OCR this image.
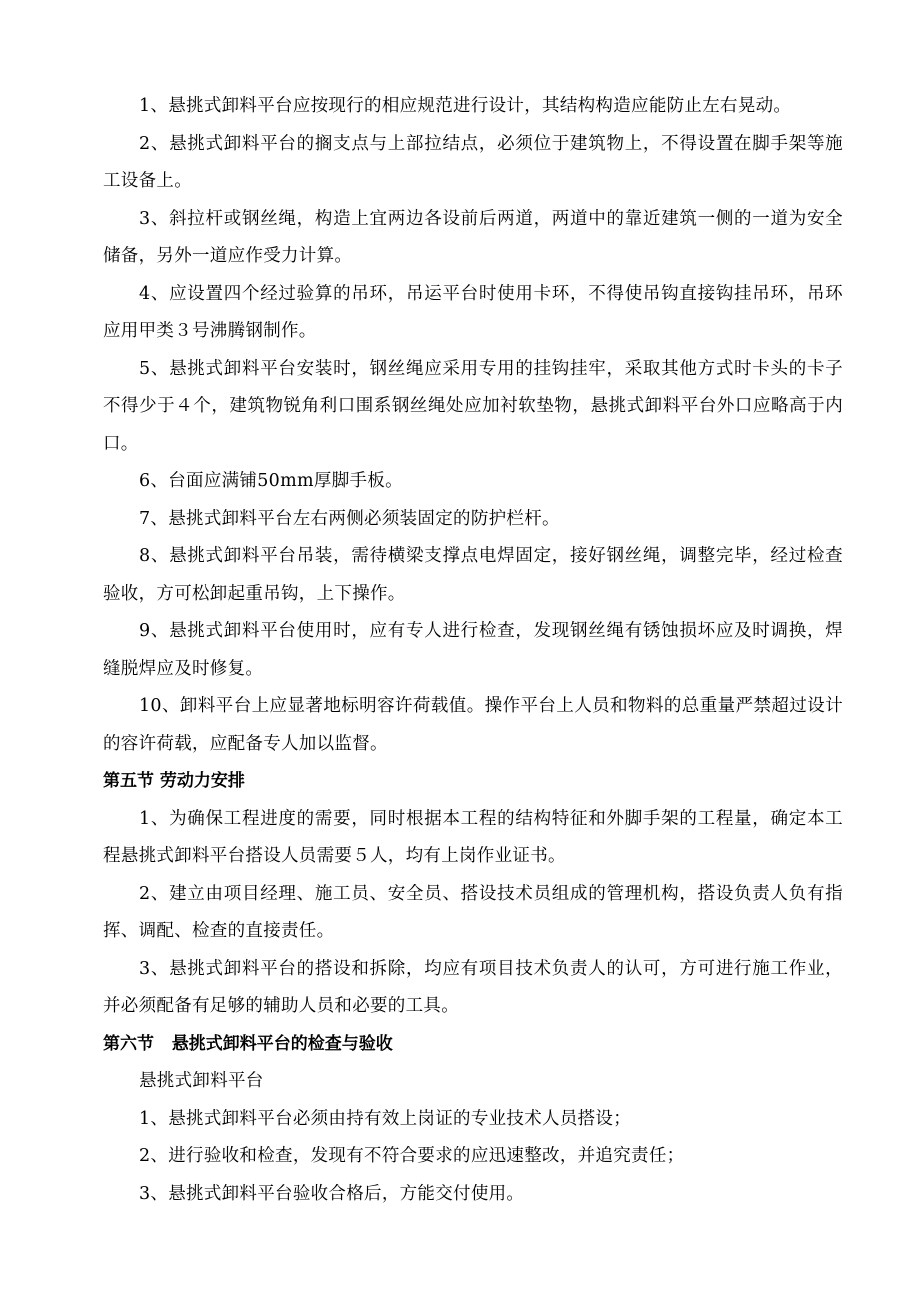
1、悬挑式卸料平台应按现行的相应规范进行设计，其结构构造应能防止左右晃动。

2、悬挑式卸料平台的搁支点与上部拉结点，必须位于建筑物上，不得设置在脚手架等施工设备上。

3、斜拉杆或钢丝绳，构造上宜两边各设前后两道，两道中的靠近建筑一侧的一道为安全储备，另外一道应作受力计算。

4、应设置四个经过验算的吊环，吊运平台时使用卡环，不得使吊钩直接钩挂吊环，吊环应用甲类３号沸腾钢制作。

5、悬挑式卸料平台安装时，钢丝绳应采用专用的挂钩挂牢，采取其他方式时卡头的卡子不得少于４个，建筑物锐角利口围系钢丝绳处应加衬软垫物，悬挑式卸料平台外口应略高于内口。

6、台面应满铺50mm厚脚手板。

7、悬挑式卸料平台左右两侧必须装固定的防护栏杆。

8、悬挑式卸料平台吊装，需待横梁支撑点电焊固定，接好钢丝绳，调整完毕，经过检查验收，方可松卸起重吊钩，上下操作。

9、悬挑式卸料平台使用时，应有专人进行检查，发现钢丝绳有锈蚀损坏应及时调换，焊缝脱焊应及时修复。

10、卸料平台上应显著地标明容许荷载值。操作平台上人员和物料的总重量严禁超过设计的容许荷载，应配备专人加以监督。

第五节 劳动力安排

1、为确保工程进度的需要，同时根据本工程的结构特征和外脚手架的工程量，确定本工程悬挑式卸料平台搭设人员需要５人，均有上岗作业证书。

2、建立由项目经理、施工员、安全员、搭设技术员组成的管理机构，搭设负责人负有指挥、调配、检查的直接责任。

3、悬挑式卸料平台的搭设和拆除，均应有项目技术负责人的认可，方可进行施工作业，并必须配备有足够的辅助人员和必要的工具。

第六节   悬挑式卸料平台的检查与验收

悬挑式卸料平台

1、悬挑式卸料平台必须由持有效上岗证的专业技术人员搭设；

2、进行验收和检查，发现有不符合要求的应迅速整改，并追究责任；

3、悬挑式卸料平台验收合格后，方能交付使用。
